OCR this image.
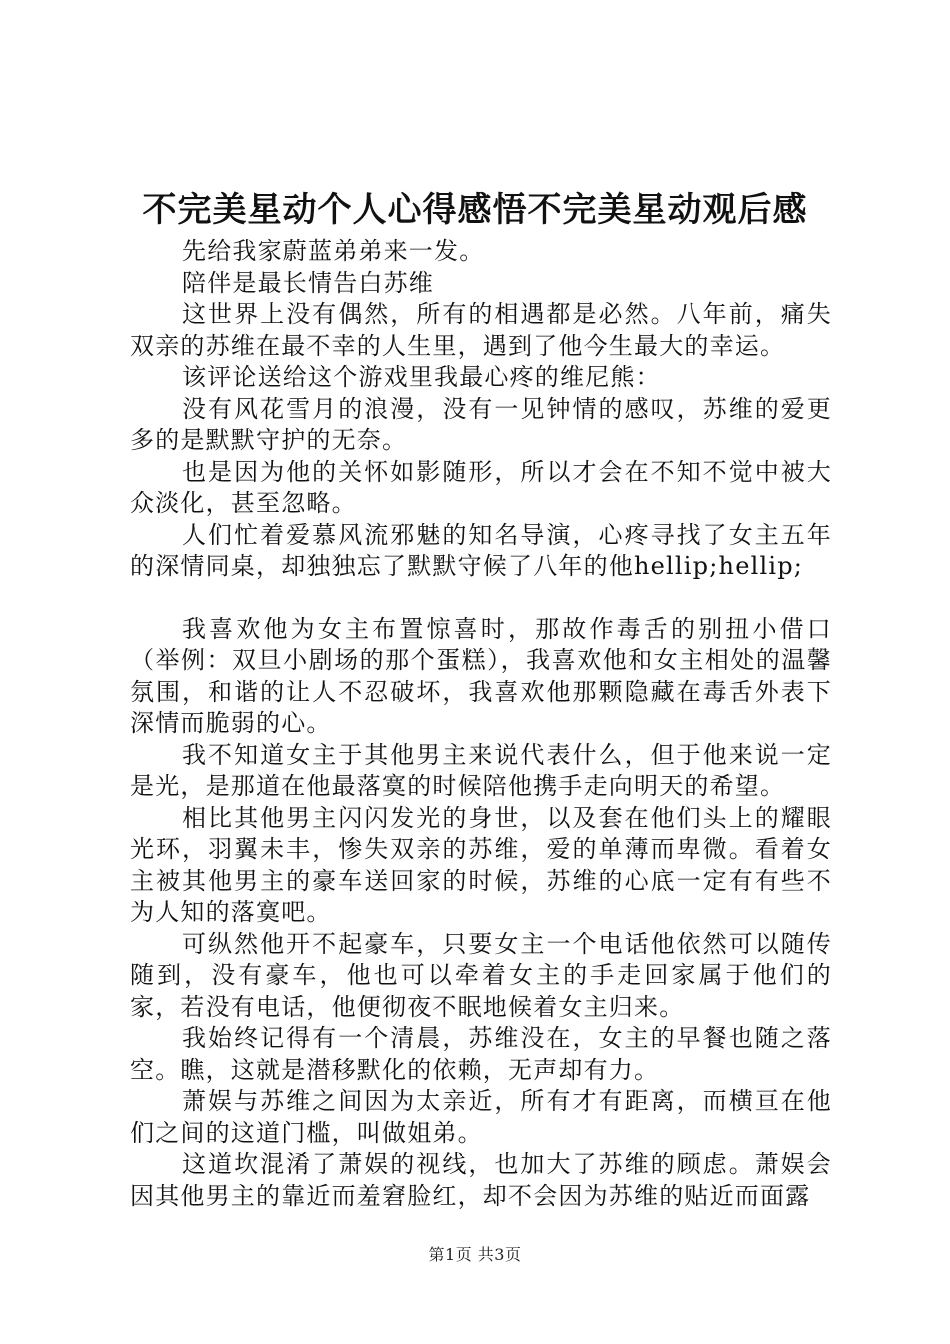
不完美星动个人心得感悟不完美星动观后感

先给我家蔚蓝弟弟来一发。

陪伴是最长情告白苏维

这世界上没有偶然，所有的相遇都是必然。八年前，痛失双亲的苏维在最不幸的人生里，遇到了他今生最大的幸运。

该评论送给这个游戏里我最心疼的维尼熊：

没有风花雪月的浪漫，没有一见钟情的感叹，苏维的爱更多的是默默守护的无奈。

也是因为他的关怀如影随形，所以才会在不知不觉中被大众淡化，甚至忽略。

人们忙着爱慕风流邪魅的知名导演，心疼寻找了女主五年的深情同桌，却独独忘了默默守候了八年的他hellip;hellip;

我喜欢他为女主布置惊喜时，那故作毒舌的别扭小借口（举例：双旦小剧场的那个蛋糕），我喜欢他和女主相处的温馨氛围，和谐的让人不忍破坏，我喜欢他那颗隐藏在毒舌外表下深情而脆弱的心。

我不知道女主于其他男主来说代表什么，但于他来说一定是光，是那道在他最落寞的时候陪他携手走向明天的希望。

相比其他男主闪闪发光的身世，以及套在他们头上的耀眼光环，羽翼未丰，惨失双亲的苏维，爱的单薄而卑微。看着女主被其他男主的豪车送回家的时候，苏维的心底一定有有些不为人知的落寞吧。

可纵然他开不起豪车，只要女主一个电话他依然可以随传随到，没有豪车，他也可以牵着女主的手走回家属于他们的家，若没有电话，他便彻夜不眠地候着女主归来。

我始终记得有一个清晨，苏维没在，女主的早餐也随之落空。瞧，这就是潜移默化的依赖，无声却有力。

萧娱与苏维之间因为太亲近，所有才有距离，而横亘在他们之间的这道门槛，叫做姐弟。

这道坎混淆了萧娱的视线，也加大了苏维的顾虑。萧娱会因其他男主的靠近而羞窘脸红，却不会因为苏维的贴近而面露

第1页 共3页
